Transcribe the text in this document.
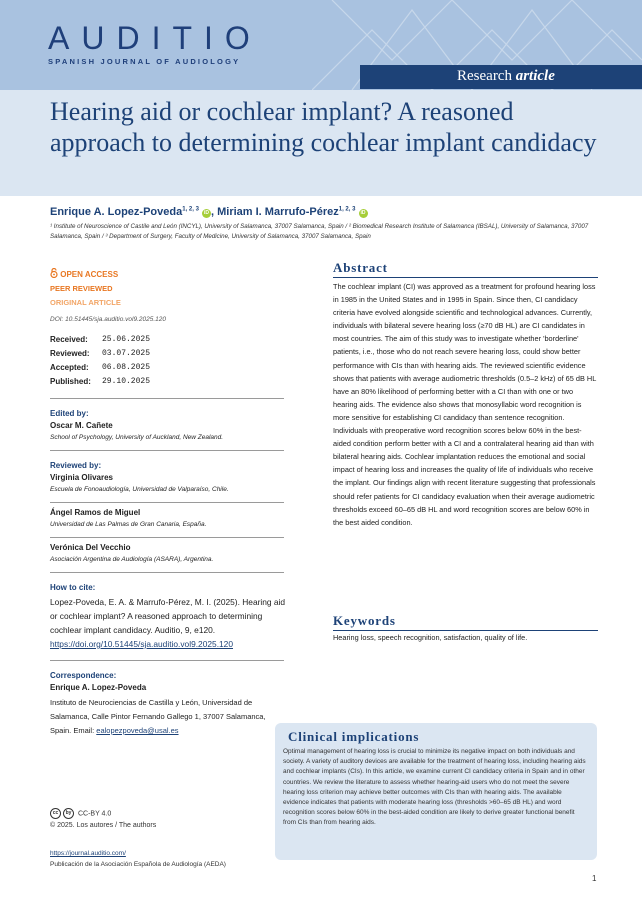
AUDITIO
SPANISH JOURNAL OF AUDIOLOGY
Research article
Hearing aid or cochlear implant? A reasoned approach to determining cochlear implant candidacy
Enrique A. Lopez-Poveda$^{1, 2, 3}$ iD , Miriam I. Marrufo-Pérez$^{1, 2, 3}$ iD
¹ Institute of Neuroscience of Castile and León (INCYL), University of Salamanca, 37007 Salamanca, Spain / ² Biomedical Research Institute of Salamanca (IBSAL), University of Salamanca, 37007 Salamanca, Spain / ³ Department of Surgery, Faculty of Medicine, University of Salamanca, 37007 Salamanca, Spain
OPEN ACCESS
PEER REVIEWED
ORIGINAL ARTICLE
DOI: 10.51445/sja.auditio.vol9.2025.120
Received:	25.06.2025
Reviewed:	03.07.2025
Accepted:	06.08.2025
Published:	29.10.2025
Edited by:
Oscar M. Cañete
School of Psychology, University of Auckland, New Zealand.
Reviewed by:
Virginia Olivares
Escuela de Fonoaudiología, Universidad de Valparaíso, Chile.
Ángel Ramos de Miguel
Universidad de Las Palmas de Gran Canaria, España.
Verónica Del Vecchio
Asociación Argentina de Audiología (ASARA), Argentina.
How to cite:
Lopez-Poveda, E. A. & Marrufo-Pérez, M. I. (2025). Hearing aid or cochlear implant? A reasoned approach to determining cochlear implant candidacy. Auditio, 9, e120. https://doi.org/10.51445/sja.auditio.vol9.2025.120
Correspondence:
Enrique A. Lopez-Poveda
Instituto de Neurociencias de Castilla y León, Universidad de Salamanca, Calle Pintor Fernando Gallego 1, 37007 Salamanca, Spain. Email: ealopezpoveda@usal.es
cc by CC-BY 4.0
© 2025. Los autores / The authors
https://journal.auditio.com/
Publicación de la Asociación Española de Audiología (AEDA)
Abstract

The cochlear implant (CI) was approved as a treatment for profound hearing loss in 1985 in the United States and in 1995 in Spain. Since then, CI candidacy criteria have evolved alongside scientific and technological advances. Currently, individuals with bilateral severe hearing loss (≥70 dB HL) are CI candidates in most countries. The aim of this study was to investigate whether 'borderline' patients, i.e., those who do not reach severe hearing loss, could show better performance with CIs than with hearing aids. The reviewed scientific evidence shows that patients with average audiometric thresholds (0.5–2 kHz) of 65 dB HL have an 80% likelihood of performing better with a CI than with one or two hearing aids. The evidence also shows that monosyllabic word recognition is more sensitive for establishing CI candidacy than sentence recognition. Individuals with preoperative word recognition scores below 60% in the best-aided condition perform better with a CI and a contralateral hearing aid than with bilateral hearing aids. Cochlear implantation reduces the emotional and social impact of hearing loss and increases the quality of life of individuals who receive the implant. Our findings align with recent literature suggesting that professionals should refer patients for CI candidacy evaluation when their average audiometric thresholds exceed 60–65 dB HL and word recognition scores are below 60% in the best aided condition.

Keywords
Hearing loss, speech recognition, satisfaction, quality of life.
Clinical implications

Optimal management of hearing loss is crucial to minimize its negative impact on both individuals and society. A variety of auditory devices are available for the treatment of hearing loss, including hearing aids and cochlear implants (CIs). In this article, we examine current CI candidacy criteria in Spain and in other countries. We review the literature to assess whether hearing-aid users who do not meet the severe hearing loss criterion may achieve better outcomes with CIs than with hearing aids. The available evidence indicates that patients with moderate hearing loss (thresholds >60–65 dB HL) and word recognition scores below 60% in the best-aided condition are likely to derive greater functional benefit from CIs than from hearing aids.

1
